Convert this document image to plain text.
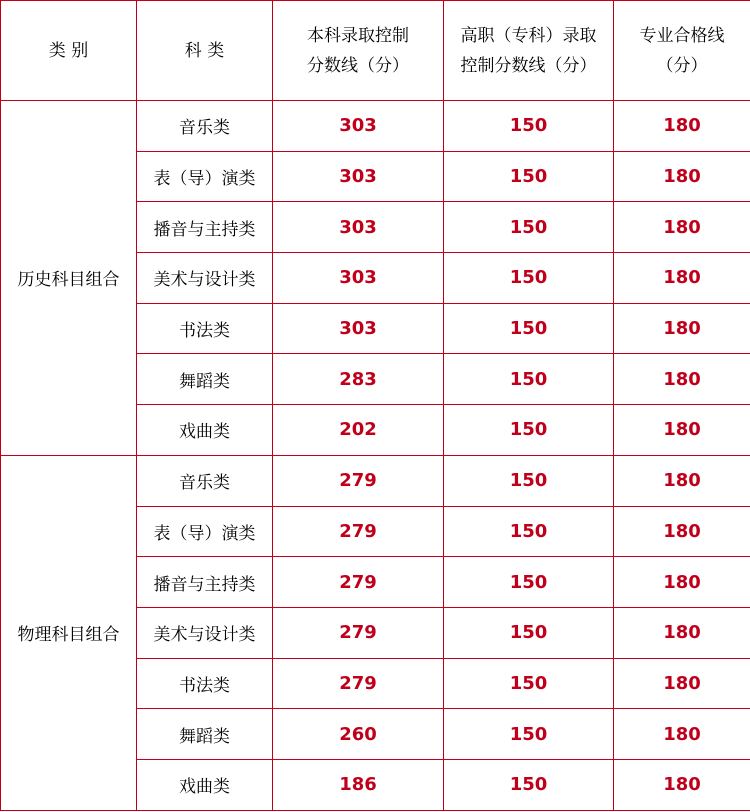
类 别	科 类	本科录取控制分数线（分）	高职（专科）录取控制分数线（分）	专业合格线（分）
历史科目组合	音乐类	303	150	180
	表（导）演类	303	150	180
	播音与主持类	303	150	180
	美术与设计类	303	150	180
	书法类	303	150	180
	舞蹈类	283	150	180
	戏曲类	202	150	180
物理科目组合	音乐类	279	150	180
	表（导）演类	279	150	180
	播音与主持类	279	150	180
	美术与设计类	279	150	180
	书法类	279	150	180
	舞蹈类	260	150	180
	戏曲类	186	150	180
